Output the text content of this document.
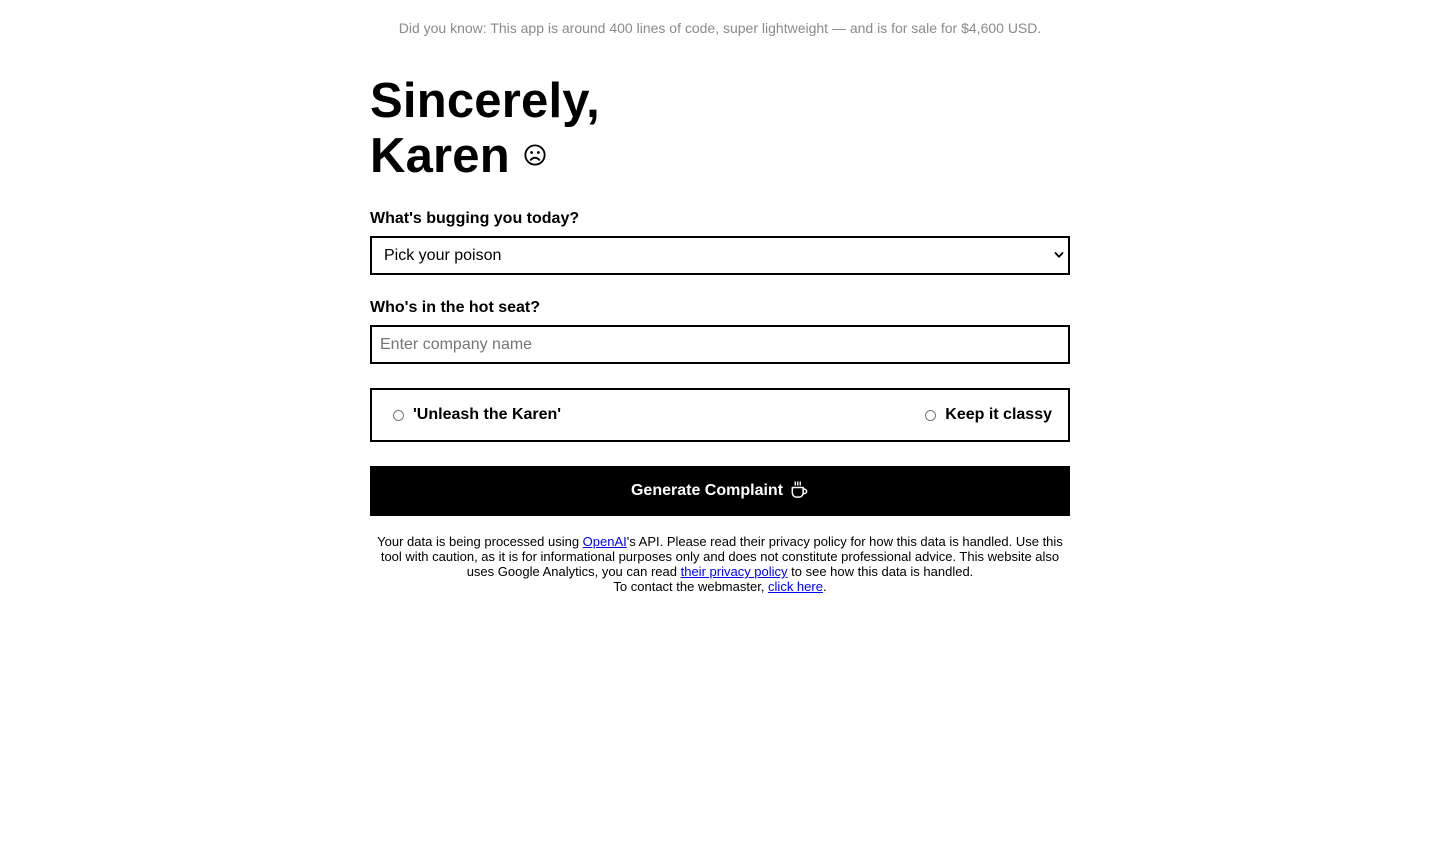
Did you know: This app is around 400 lines of code, super lightweight — and is for sale for $4,600 USD.
Sincerely,
Karen
What's bugging you today?
Pick your poison
Who's in the hot seat?
Enter company name
'Unleash the Karen'	Keep it classy
Generate Complaint
Your data is being processed using OpenAI's API. Please read their privacy policy for how this data is handled. Use this tool with caution, as it is for informational purposes only and does not constitute professional advice. This website also uses Google Analytics, you can read their privacy policy to see how this data is handled.
To contact the webmaster, click here.
